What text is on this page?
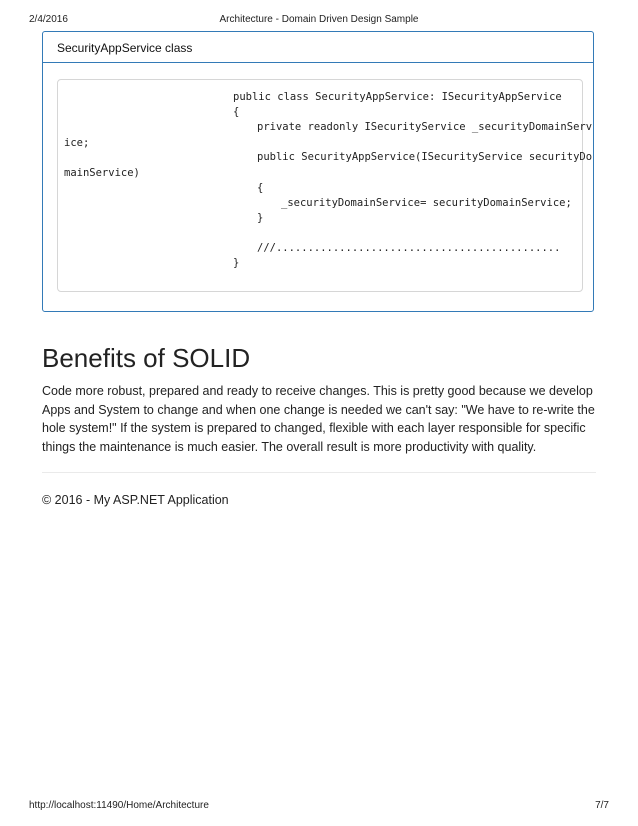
2/4/2016	Architecture - Domain Driven Design Sample
SecurityAppService class
public class SecurityAppService: ISecurityAppService
{
private readonly ISecurityService _securityDomainServ
ice;
public SecurityAppService(ISecurityService securityDo
mainService)
{
_securityDomainService= securityDomainService;
}
///.............................................
}
Benefits of SOLID

Code more robust, prepared and ready to receive changes. This is pretty good because we develop Apps and System to change and when one change is needed we can't say: "We have to re-write the hole system!" If the system is prepared to changed, flexible with each layer responsible for specific things the maintenance is much easier. The overall result is more productivity with quality.

© 2016 - My ASP.NET Application

http://localhost:11490/Home/Architecture	7/7
